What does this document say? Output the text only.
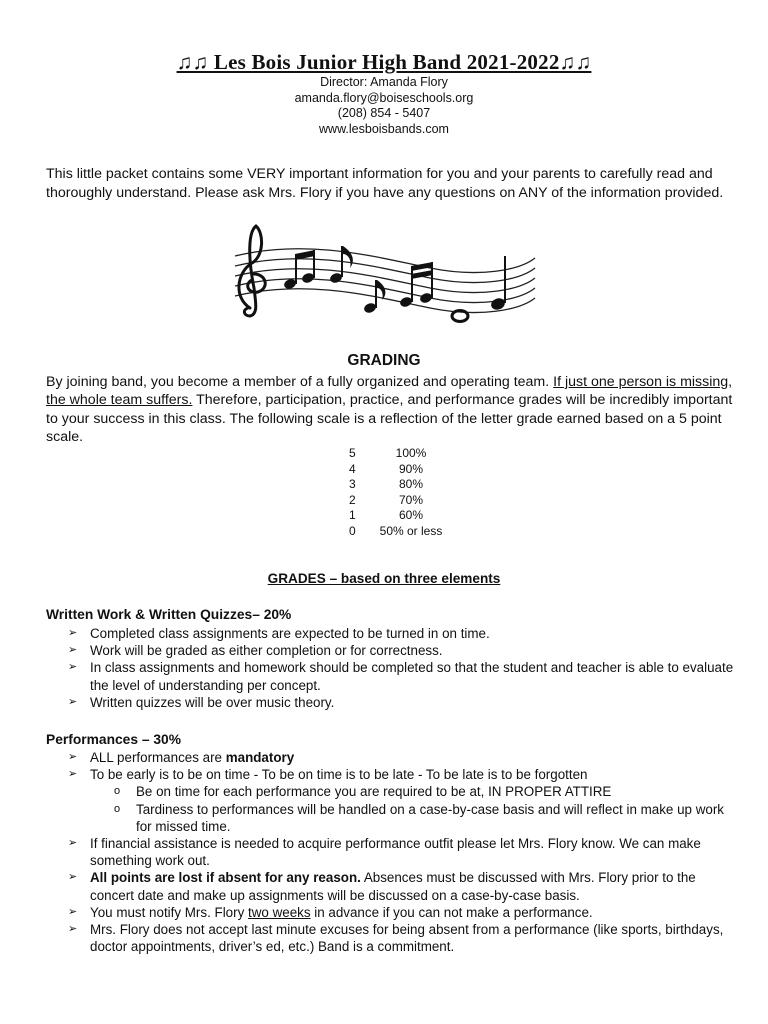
♫♫ Les Bois Junior High Band 2021-2022♫♫
Director: Amanda Flory
amanda.flory@boiseschools.org
(208) 854 - 5407
www.lesboisbands.com
This little packet contains some VERY important information for you and your parents to carefully read and thoroughly understand. Please ask Mrs. Flory if you have any questions on ANY of the information provided.
GRADING
By joining band, you become a member of a fully organized and operating team. If just one person is missing, the whole team suffers. Therefore, participation, practice, and performance grades will be incredibly important to your success in this class. The following scale is a reflection of the letter grade earned based on a 5 point scale.
5	100%
4	90%
3	80%
2	70%
1	60%
0	50% or less
GRADES – based on three elements
Written Work & Written Quizzes– 20%
➢ Completed class assignments are expected to be turned in on time.
➢ Work will be graded as either completion or for correctness.
➢ In class assignments and homework should be completed so that the student and teacher is able to evaluate the level of understanding per concept.
➢ Written quizzes will be over music theory.
Performances – 30%
➢ ALL performances are mandatory
➢ To be early is to be on time - To be on time is to be late - To be late is to be forgotten
o Be on time for each performance you are required to be at, IN PROPER ATTIRE
o Tardiness to performances will be handled on a case-by-case basis and will reflect in make up work for missed time.
➢ If financial assistance is needed to acquire performance outfit please let Mrs. Flory know. We can make something work out.
➢ All points are lost if absent for any reason. Absences must be discussed with Mrs. Flory prior to the concert date and make up assignments will be discussed on a case-by-case basis.
➢ You must notify Mrs. Flory two weeks in advance if you can not make a performance.
➢ Mrs. Flory does not accept last minute excuses for being absent from a performance (like sports, birthdays, doctor appointments, driver’s ed, etc.) Band is a commitment.
